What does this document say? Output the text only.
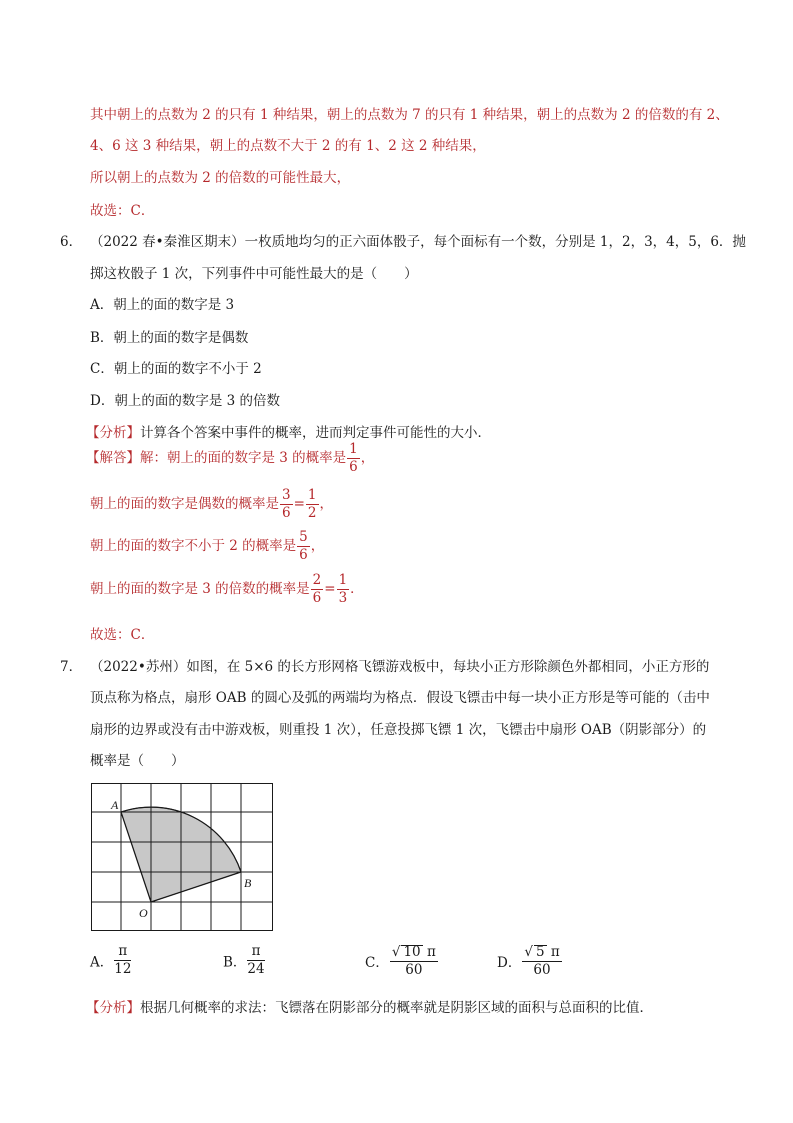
其中朝上的点数为 2 的只有 1 种结果，朝上的点数为 7 的只有 1 种结果，朝上的点数为 2 的倍数的有 2、
4、6 这 3 种结果，朝上的点数不大于 2 的有 1、2 这 2 种结果，
所以朝上的点数为 2 的倍数的可能性最大，
故选：C．
6． （2022 春•秦淮区期末）一枚质地均匀的正六面体骰子，每个面标有一个数，分别是 1，2，3，4，5，6．抛
掷这枚骰子 1 次，下列事件中可能性最大的是（　　）
A．朝上的面的数字是 3
B．朝上的面的数字是偶数
C．朝上的面的数字不小于 2
D．朝上的面的数字是 3 的倍数
【分析】计算各个答案中事件的概率，进而判定事件可能性的大小．
【解答】解：朝上的面的数字是 3 的概率是 $\frac{1}{6}$ ，
朝上的面的数字是偶数的概率是 $\frac{3}{6} = \frac{1}{2}$ ，
朝上的面的数字不小于 2 的概率是 $\frac{5}{6}$ ，
朝上的面的数字是 3 的倍数的概率是 $\frac{2}{6} = \frac{1}{3}$ ．
故选：C．
7． （2022•苏州）如图，在 5×6 的长方形网格飞镖游戏板中，每块小正方形除颜色外都相同，小正方形的
顶点称为格点，扇形 OAB 的圆心及弧的两端均为格点．假设飞镖击中每一块小正方形是等可能的（击中
扇形的边界或没有击中游戏板，则重投 1 次），任意投掷飞镖 1 次，飞镖击中扇形 OAB（阴影部分）的
概率是（　　）
A
B
O
A． $\frac{\pi}{12}$	B． $\frac{\pi}{24}$	C． $\frac{√ 10 \pi}{60}$	D． $\frac{√ 5 \pi}{60}$
【分析】根据几何概率的求法：飞镖落在阴影部分的概率就是阴影区域的面积与总面积的比值．
